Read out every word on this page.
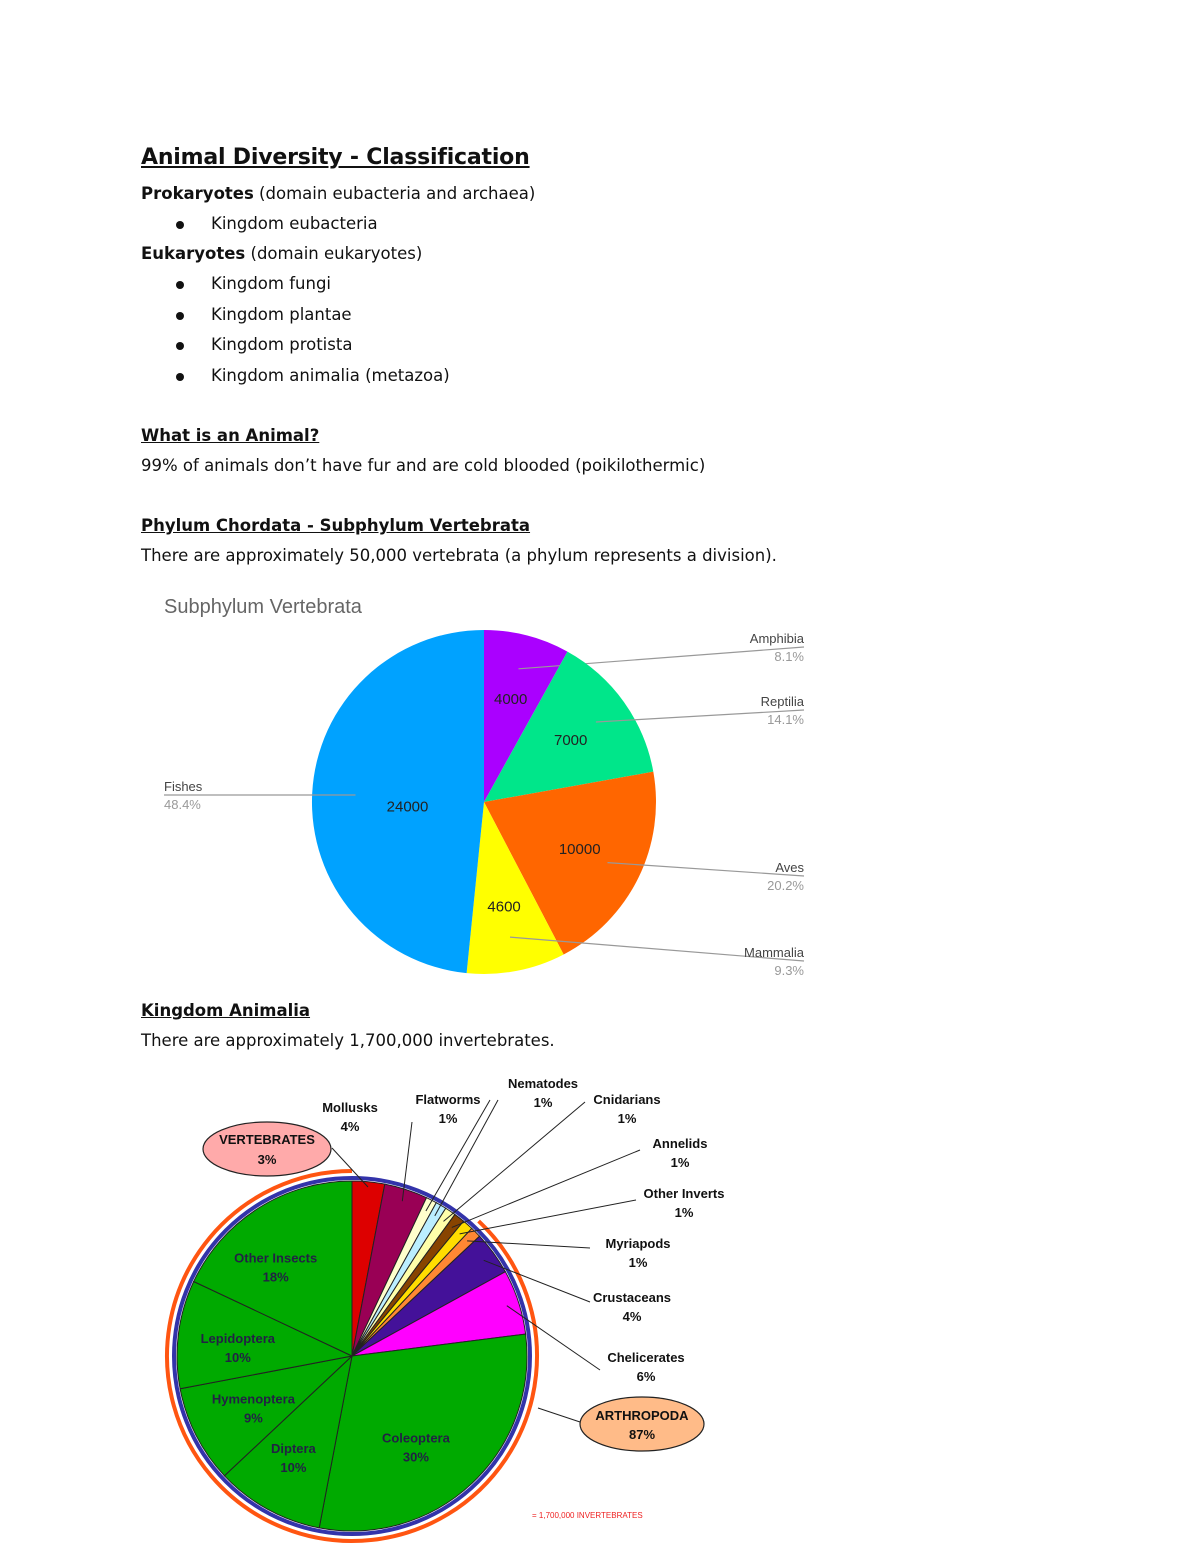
Animal Diversity - Classification
Prokaryotes (domain eubacteria and archaea)
Kingdom eubacteria
Eukaryotes (domain eukaryotes)
Kingdom fungi
Kingdom plantae
Kingdom protista
Kingdom animalia (metazoa)
What is an Animal?
99% of animals don’t have fur and are cold blooded (poikilothermic)
Phylum Chordata - Subphylum Vertebrata
There are approximately 50,000 vertebrata (a phylum represents a division).
Subphylum Vertebrata
4000
Amphibia
8.1%
7000
Reptilia
14.1%
10000
Aves
20.2%
4600
Mammalia
9.3%
24000
Fishes
48.4%
Kingdom Animalia
There are approximately 1,700,000 invertebrates.
Coleoptera
30%
Diptera
10%
Hymenoptera
9%
Lepidoptera
10%
Other Insects
18%
Mollusks
4%
Flatworms
1%
Nematodes
1%	Cnidarians
1%
Annelids
1%
Other Inverts
1%
Myriapods
1%
Crustaceans
4%
Chelicerates
6%
VERTEBRATES
3%
ARTHROPODA
87%
= 1,700,000 INVERTEBRATES
